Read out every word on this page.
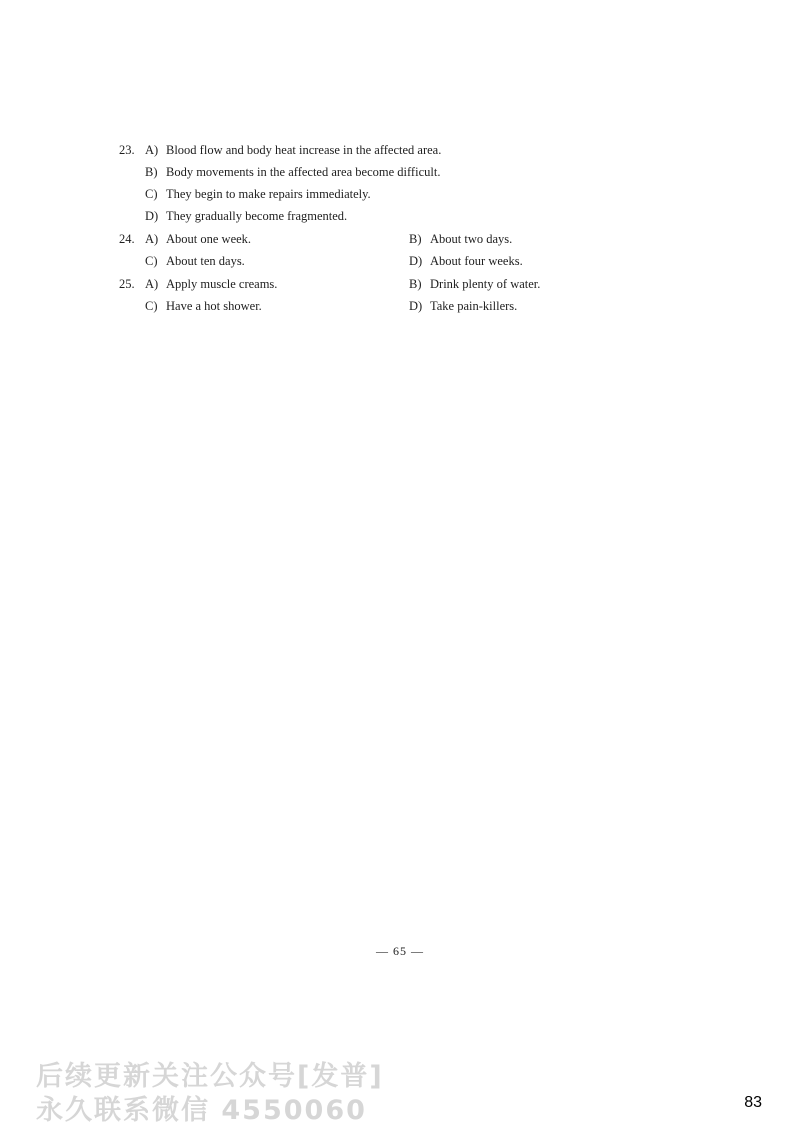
23. A) Blood flow and body heat increase in the affected area.
B) Body movements in the affected area become difficult.
C) They begin to make repairs immediately.
D) They gradually become fragmented.
24. A) About one week.	B) About two days.
C) About ten days.	D) About four weeks.
25. A) Apply muscle creams.	B) Drink plenty of water.
C) Have a hot shower.	D) Take pain-killers.
— 65 —
后续更新关注公众号[发普]
永久联系微信 4550060	83
